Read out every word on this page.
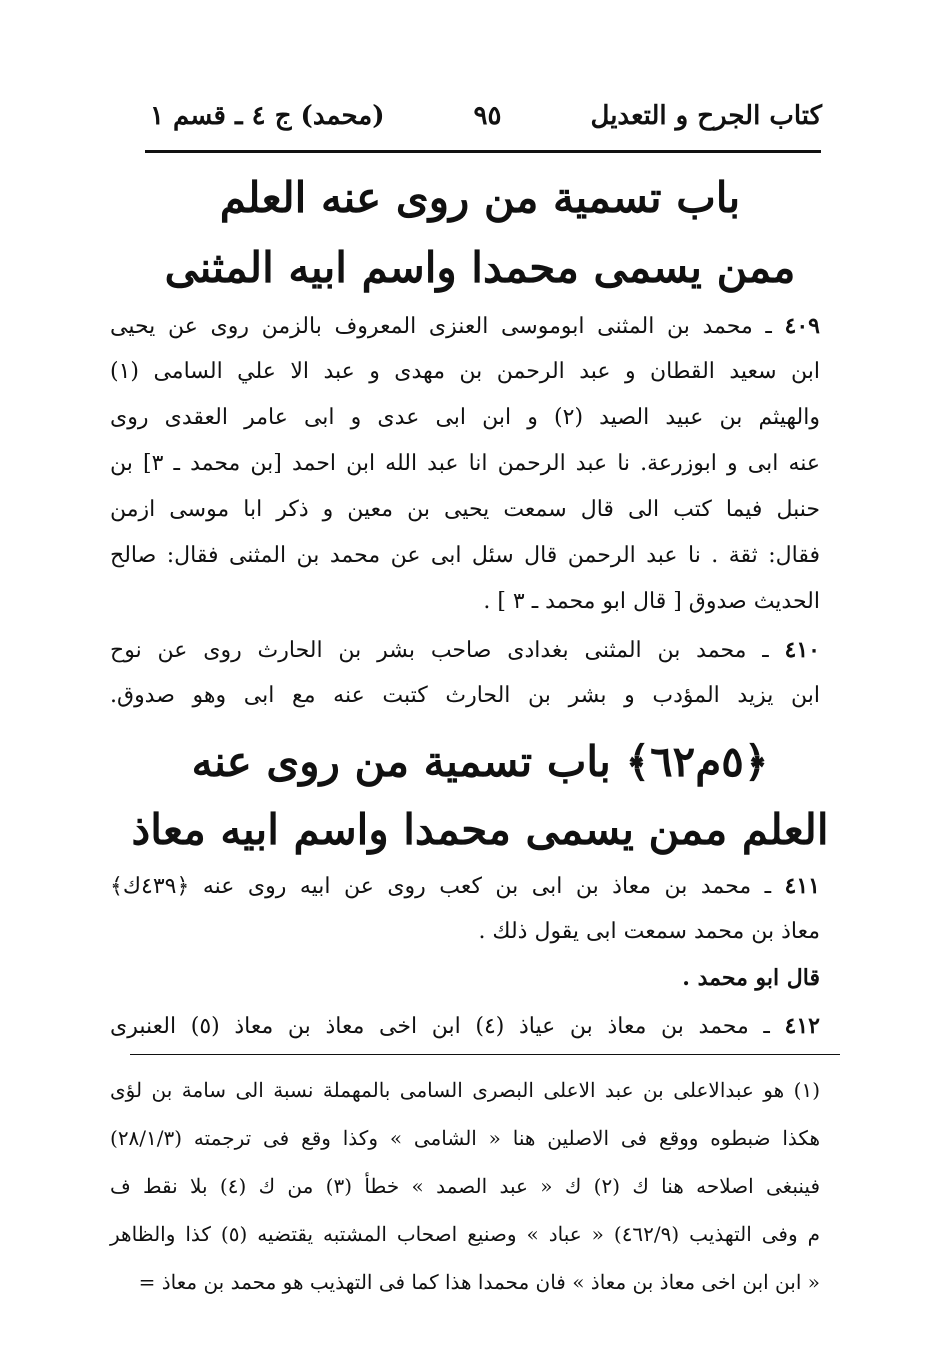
كتاب الجرح و التعديل
٩٥
(محمد) ج ٤ ـ قسم ١
باب تسمية من روى عنه العلم
ممن يسمى محمدا واسم ابيه المثنى
٤٠٩ ـ محمد بن المثنى ابوموسى العنزى المعروف بالزمن روى عن يحيى
ابن سعيد القطان و عبد الرحمن بن مهدى و عبد الا علي السامى (١)
والهيثم بن عبيد الصيد (٢) و ابن ابى عدى و ابى عامر العقدى روى
عنه ابى و ابوزرعة. نا عبد الرحمن انا عبد الله ابن احمد [بن محمد ـ ٣] بن
حنبل فيما كتب الى قال سمعت يحيى بن معين و ذكر ابا موسى ازمن
فقال: ثقة . نا عبد الرحمن قال سئل ابى عن محمد بن المثنى فقال: صالح
الحديث صدوق [ قال ابو محمد ـ ٣ ] .
٤١٠ ـ محمد بن المثنى بغدادى صاحب بشر بن الحارث روى عن نوح
ابن يزيد المؤدب و بشر بن الحارث كتبت عنه مع ابى وهو صدوق.
﴿٥م٦٢﴾ باب تسمية من روى عنه
العلم ممن يسمى محمدا واسم ابيه معاذ
٤١١ ـ محمد بن معاذ بن ابى بن كعب روى عن ابيه روى عنه ﴿٤٣٩ك﴾
معاذ بن محمد سمعت ابى يقول ذلك .
قال ابو محمد .
٤١٢ ـ محمد بن معاذ بن عياذ (٤) ابن اخى معاذ بن معاذ (٥) العنبرى
(١) هو عبدالاعلى بن عبد الاعلى البصرى السامى بالمهملة نسبة الى سامة بن لؤى
هكذا ضبطوه ووقع فى الاصلين هنا « الشامى » وكذا وقع فى ترجمته (٢٨/١/٣)
فينبغى اصلاحه هنا ك (٢) ك « عبد الصمد » خطأ (٣) من ك (٤) بلا نقط ف
م وفى التهذيب (٤٦٢/٩) « عباد » وصنيع اصحاب المشتبه يقتضيه (٥) كذا والظاهر
« ابن ابن اخى معاذ بن معاذ » فان محمدا هذا كما فى التهذيب هو محمد بن معاذ =
